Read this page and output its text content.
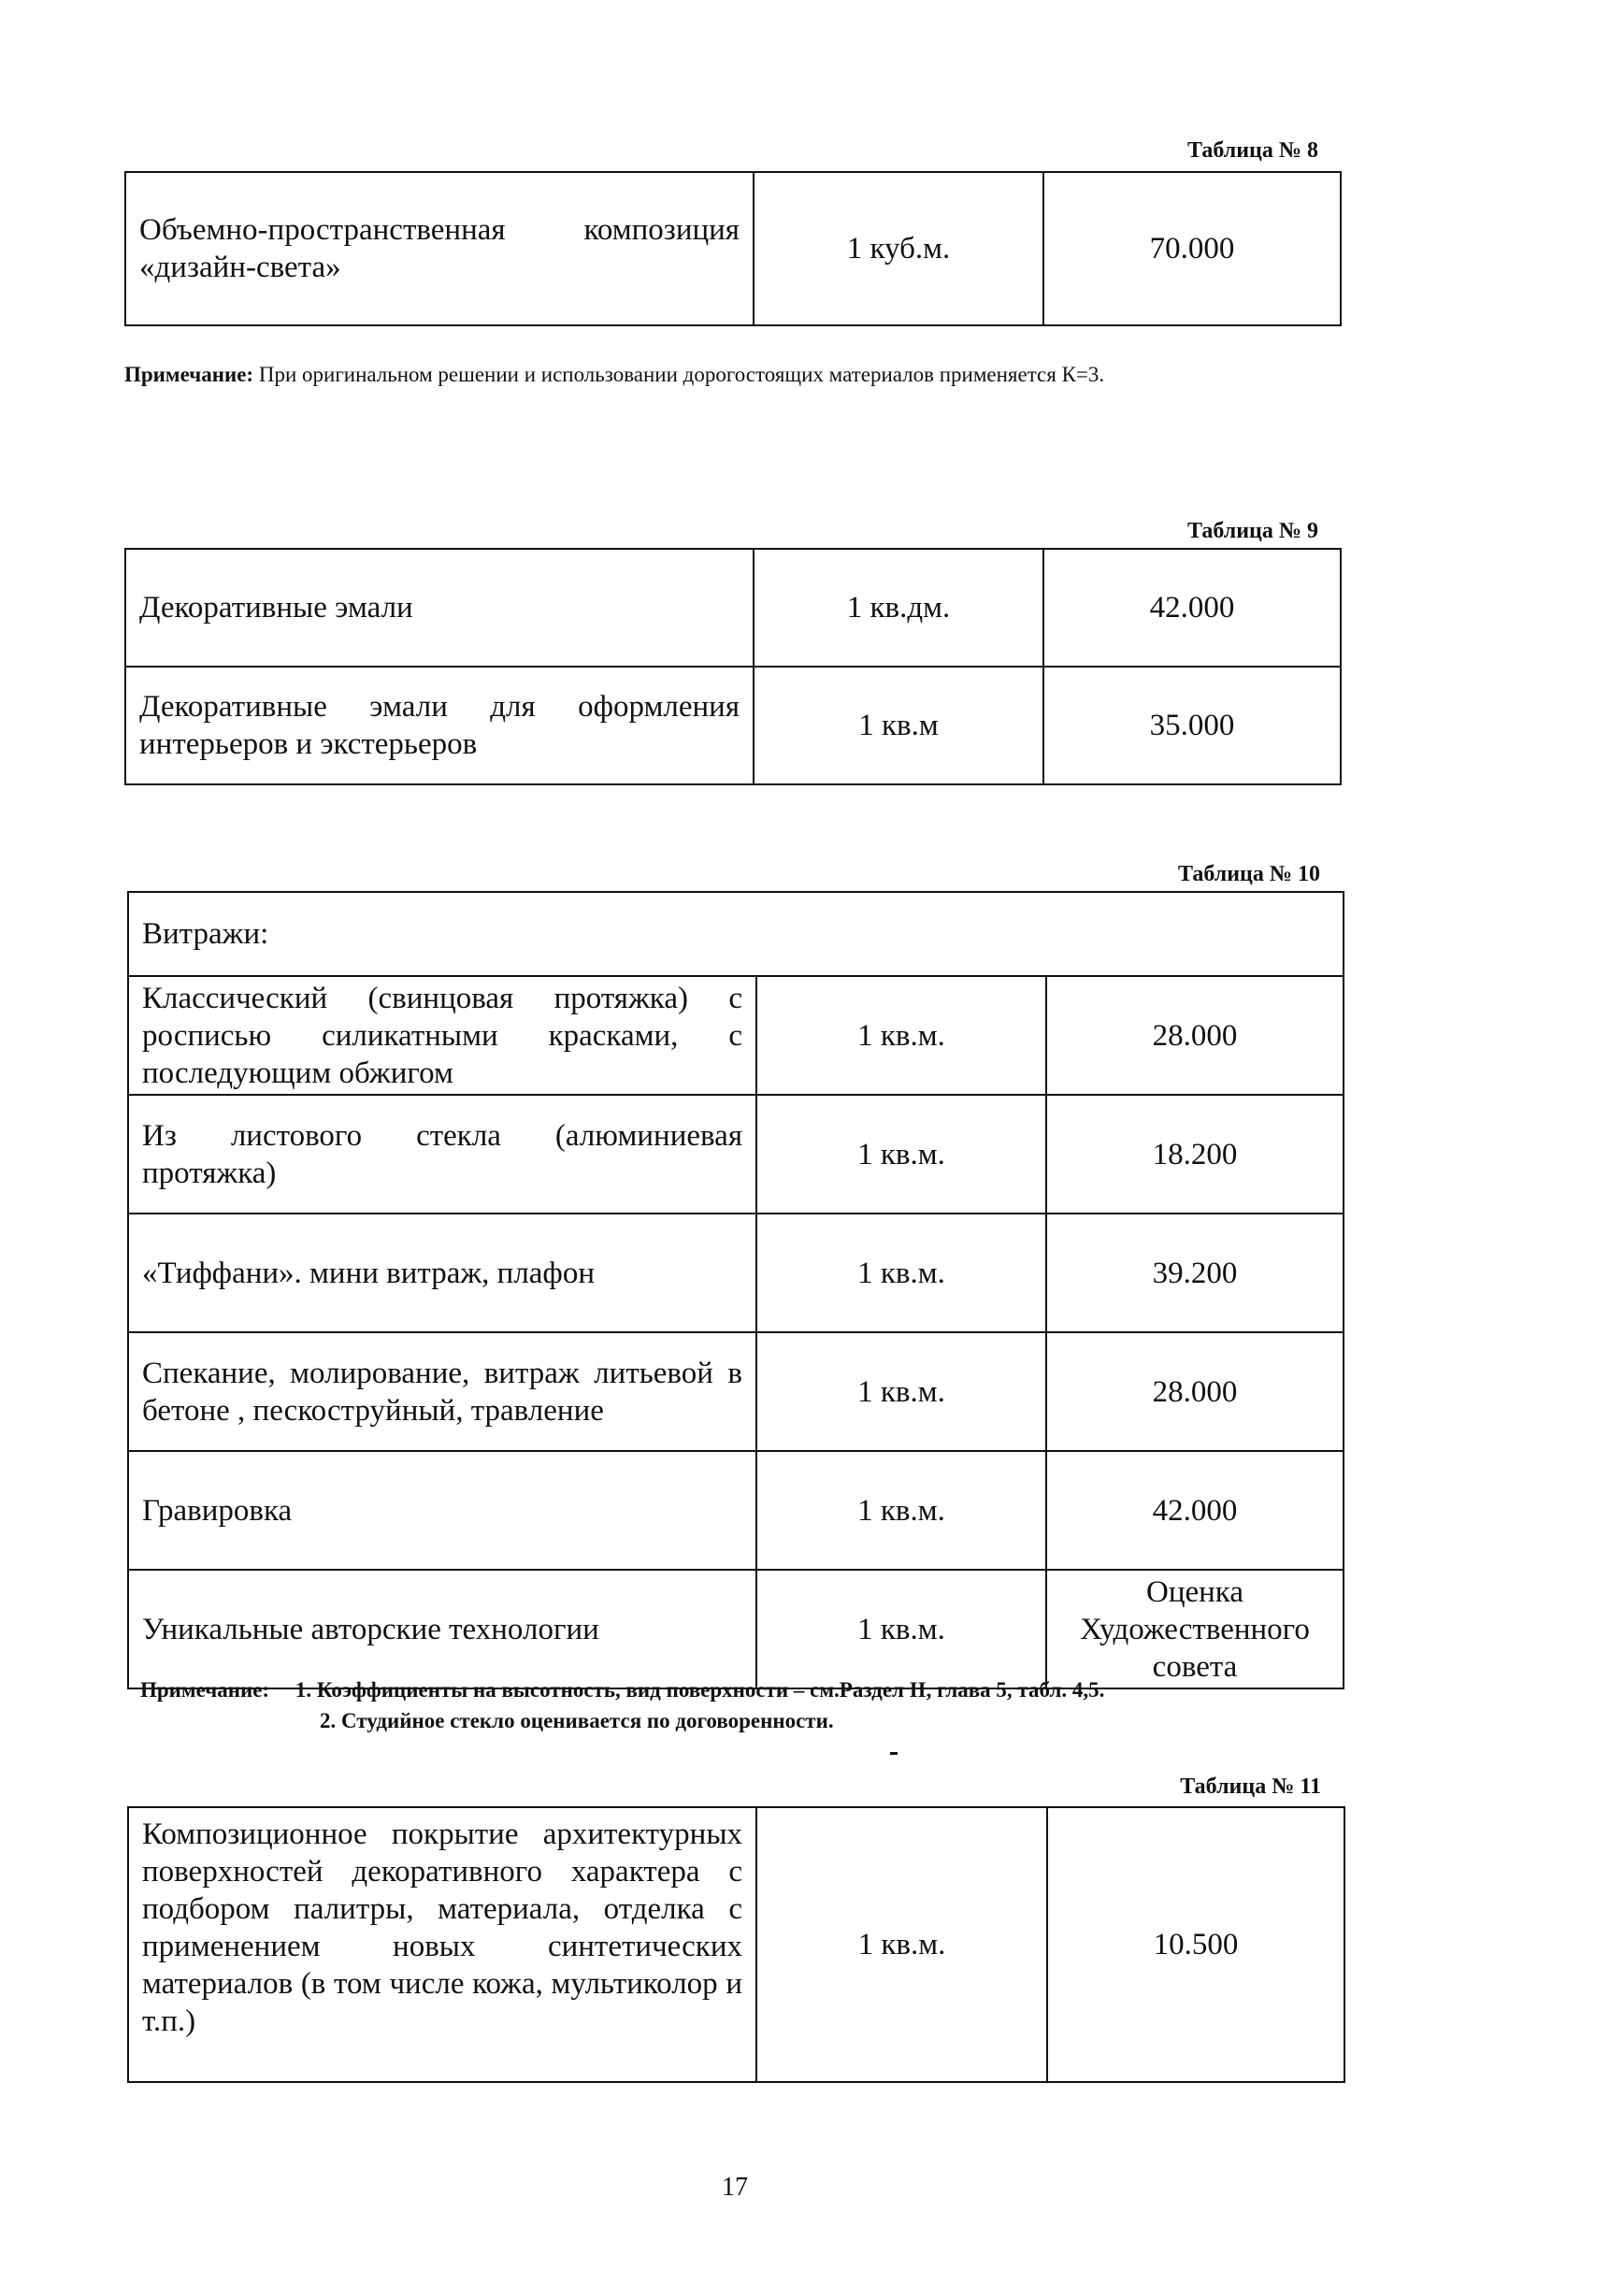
Таблица № 8
Объемно-пространственная композиция «дизайн-света»	1 куб.м.	70.000
Примечание: При оригинальном решении и использовании дорогостоящих материалов применяется К=3.
Таблица № 9
Декоративные эмали	1 кв.дм.	42.000
Декоративные эмали для оформления интерьеров и экстерьеров	1 кв.м	35.000
Таблица № 10
Витражи:		
Классический (свинцовая протяжка) с росписью силикатными красками, с последующим обжигом	1 кв.м.	28.000
Из листового стекла (алюминиевая протяжка)	1 кв.м.	18.200
«Тиффани». мини витраж, плафон	1 кв.м.	39.200
Спекание, молирование, витраж литьевой в бетоне , пескоструйный, травление	1 кв.м.	28.000
Гравировка	1 кв.м.	42.000
Уникальные авторские технологии	1 кв.м.	Оценка Художественного совета
Примечание: 1. Коэффициенты на высотность, вид поверхности – см.Раздел II, глава 5, табл. 4,5.
2. Студийное стекло оценивается по договоренности.
Таблица № 11
Композиционное покрытие архитектурных поверхностей декоративного характера с подбором палитры, материала, отделка с применением новых синтетических материалов (в том числе кожа, мультиколор и т.п.)	1 кв.м.	10.500
17
